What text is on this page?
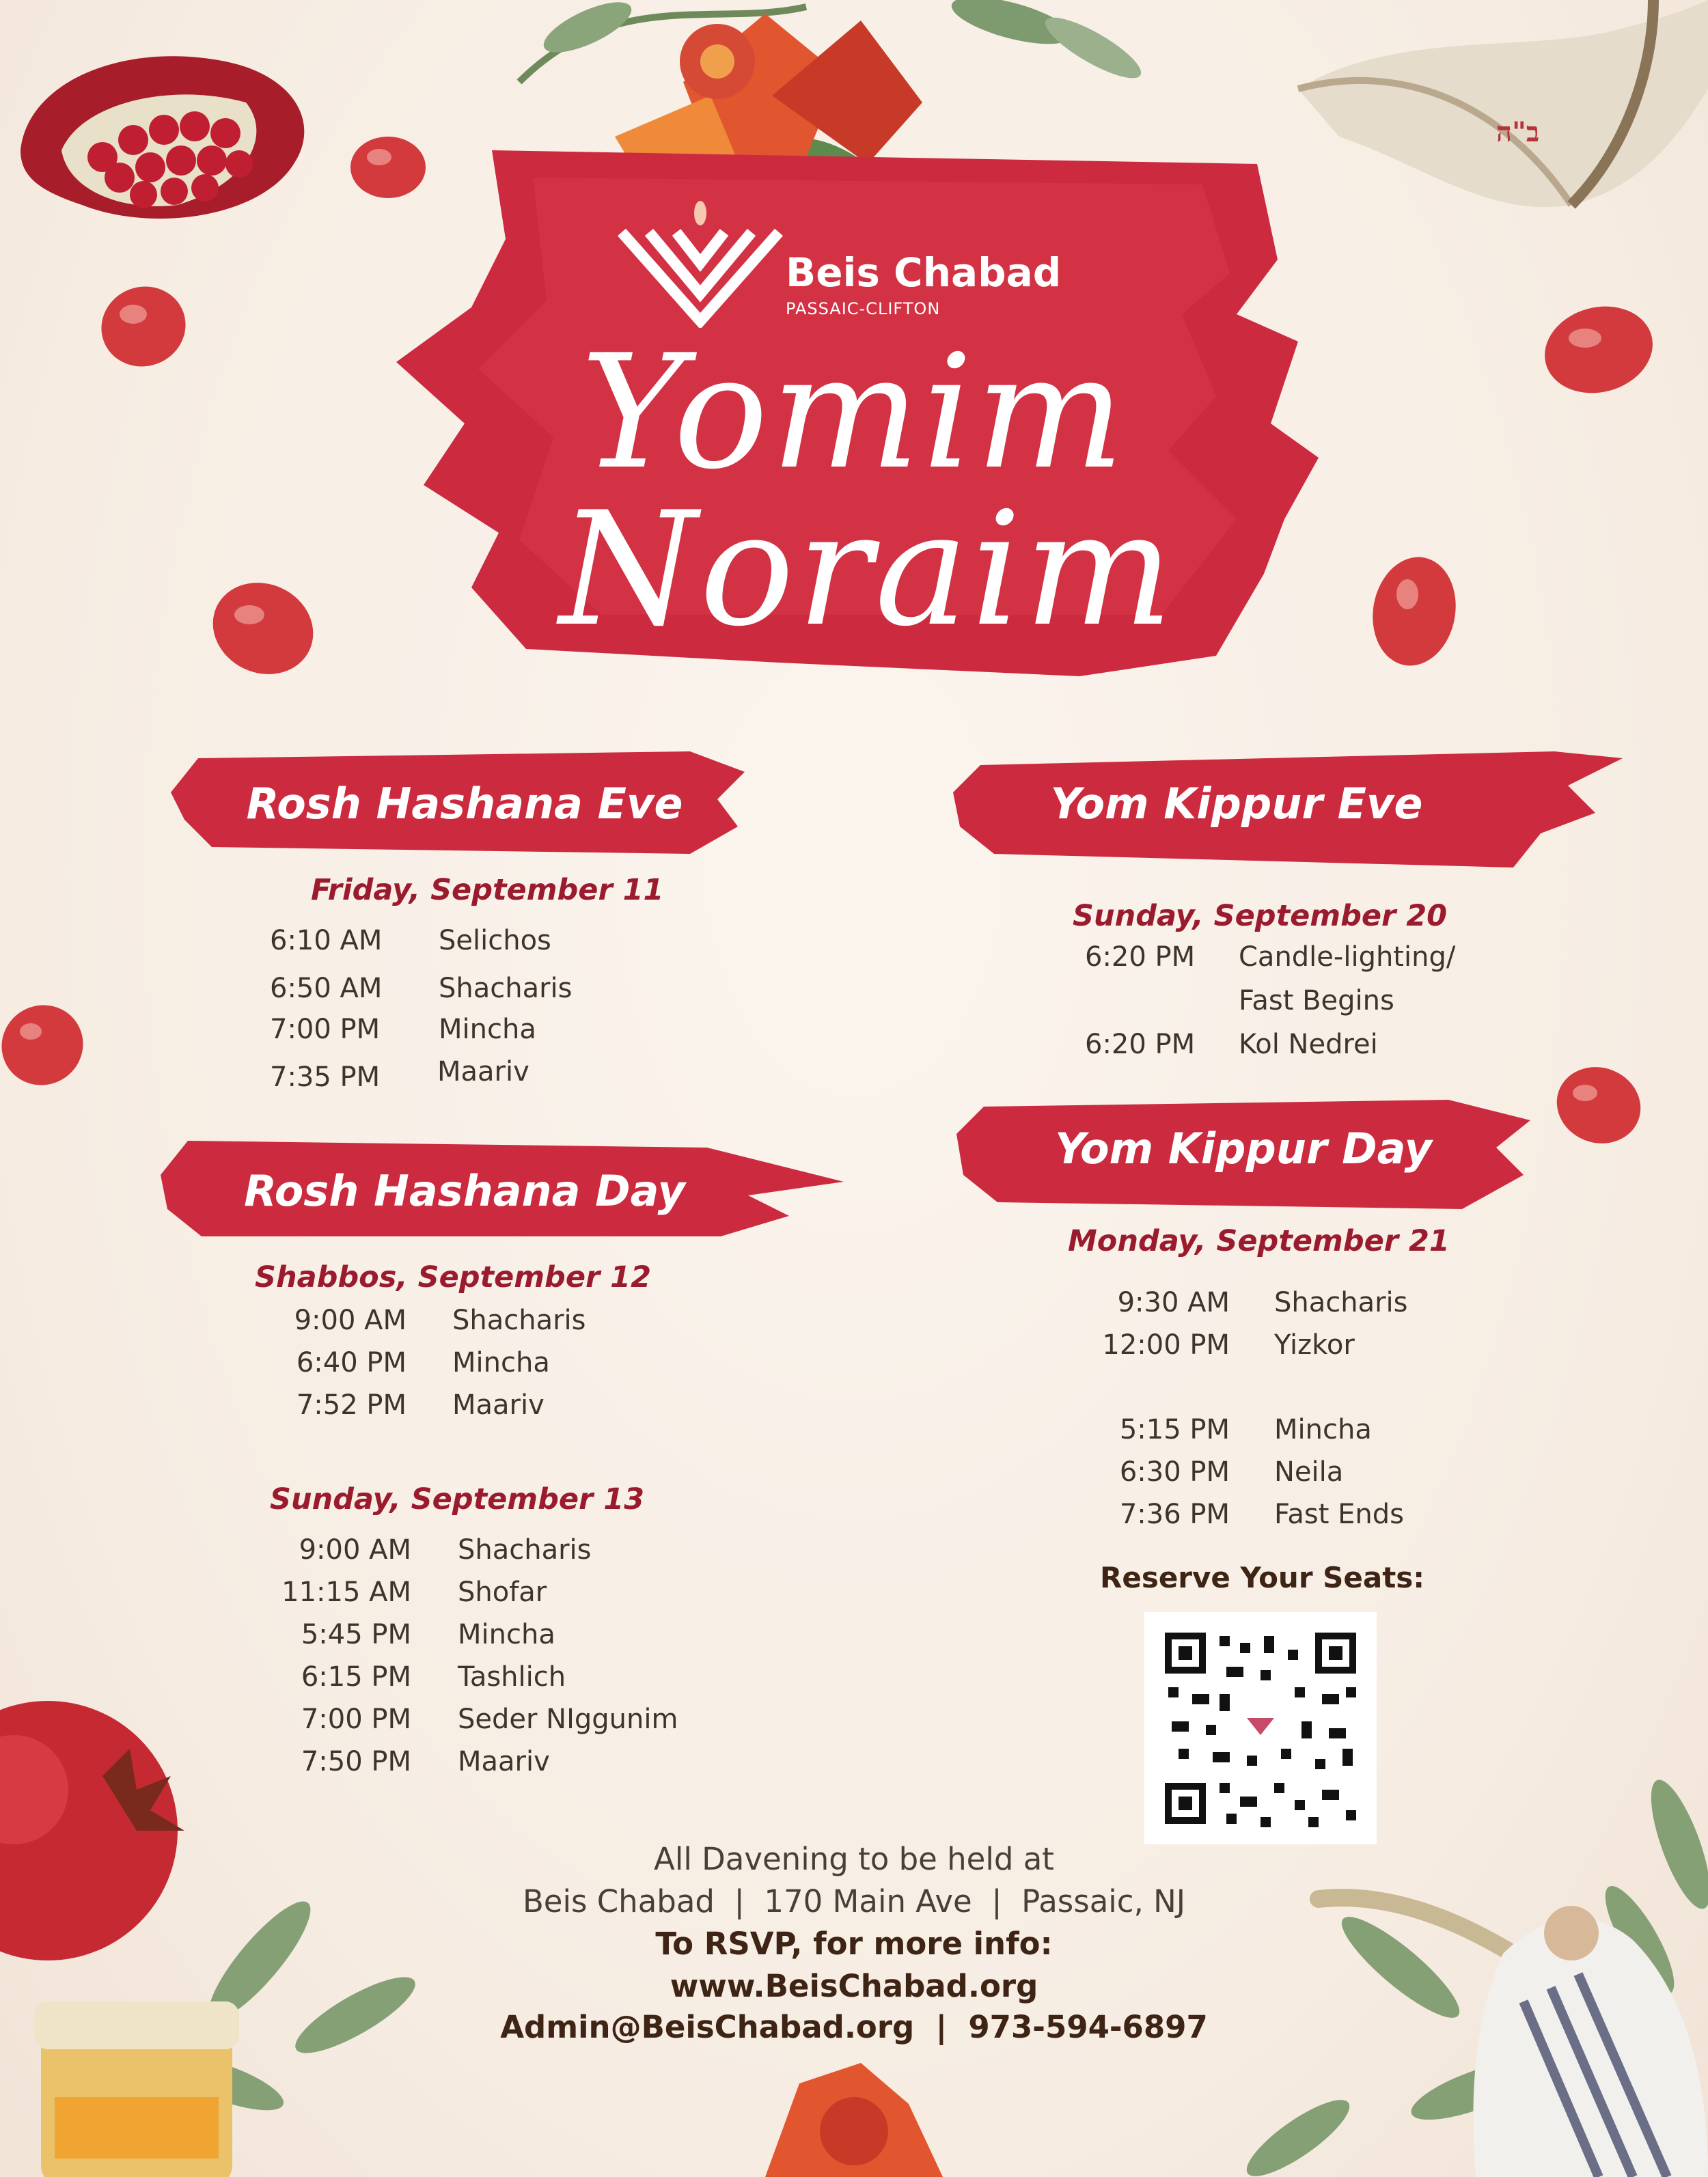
Beis Chabad
PASSAIC-CLIFTON
Yomim
Noraim
ב"ה
Rosh Hashana Eve	Yom Kippur Eve
Rosh Hashana Day
Yom Kippur Day
Friday, September 11
6:10 AM Selichos
6:50 AM Shacharis
7:00 PM Mincha
7:35 PM Maariv
Shabbos, September 12
9:00 AM Shacharis
6:40 PM Mincha
7:52 PM Maariv
Sunday, September 13
9:00 AM Shacharis
11:15 AM Shofar
5:45 PM Mincha
6:15 PM Tashlich
7:00 PM Seder NIggunim
7:50 PM Maariv
Sunday, September 20
6:20 PM Candle-lighting/
Fast Begins
6:20 PM Kol Nedrei
Monday, September 21
9:30 AM Shacharis
12:00 PM Yizkor
5:15 PM Mincha
6:30 PM Neila
7:36 PM Fast Ends
Reserve Your Seats:
All Davening to be held at
Beis Chabad  |  170 Main Ave  |  Passaic, NJ
To RSVP, for more info:
www.BeisChabad.org
Admin@BeisChabad.org  |  973-594-6897
